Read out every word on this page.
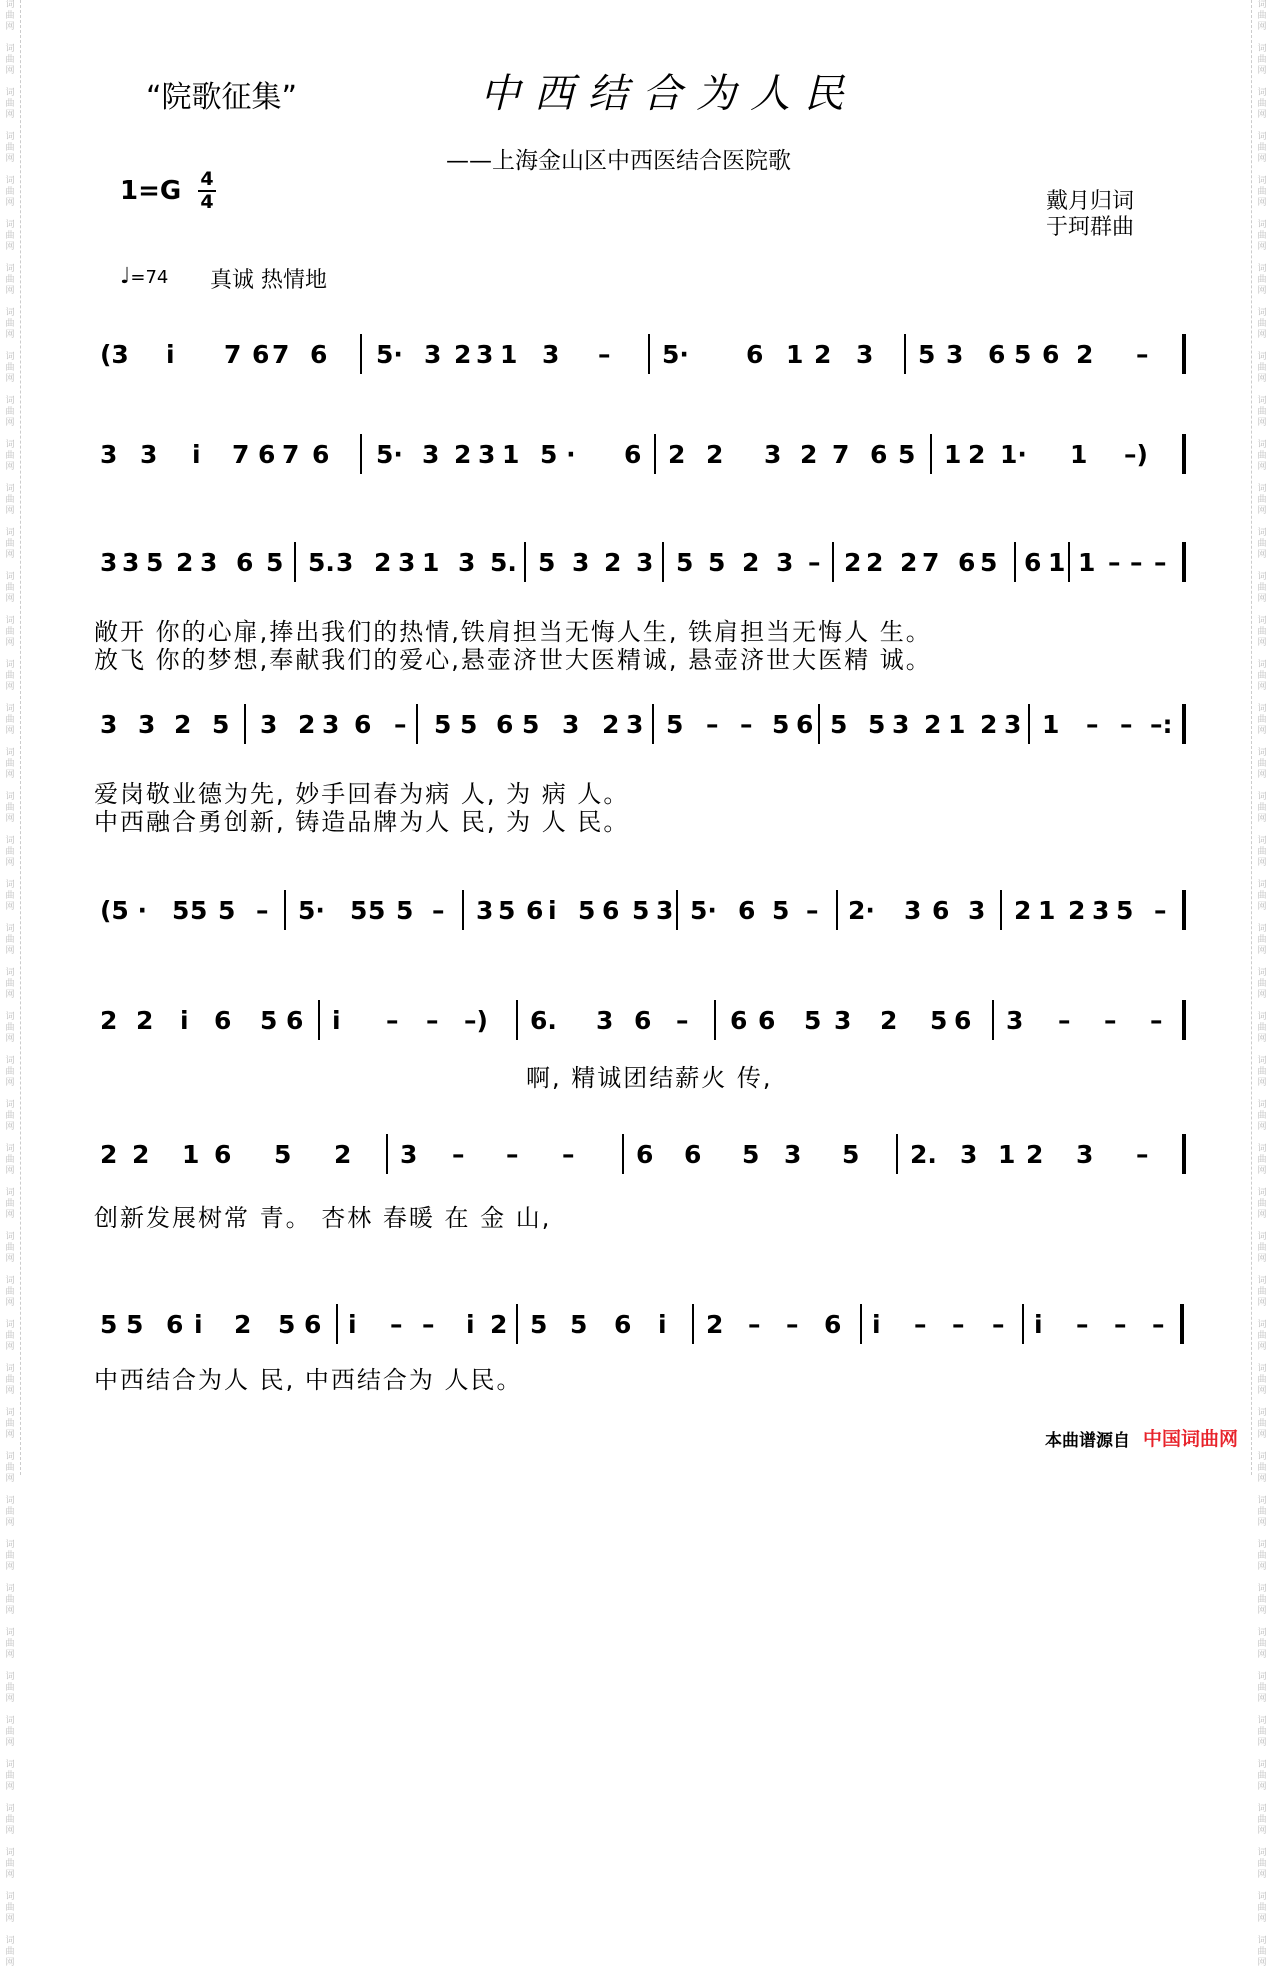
词
曲
网

词
曲
网

词
曲
网

词
曲
网

词
曲
网

词
曲
网

词
曲
网

词
曲
网

词
曲
网

词
曲
网

词
曲
网

词
曲
网

词
曲
网

词
曲
网

词
曲
网

词
曲
网

词
曲
网

词
曲
网

词
曲
网

词
曲
网

词
曲
网

词
曲
网

词
曲
网

词
曲
网

词
曲
网

词
曲
网

词
曲
网

词
曲
网

词
曲
网

词
曲
网

词
曲
网

词
曲
网

词
曲
网

词
曲
网

词
曲
网

词
曲
网

词
曲
网

词
曲
网

词
曲
网

词
曲
网

词
曲
网

词
曲
网

词
曲
网

词
曲
网

词
曲
网

词
曲
网

词
曲
网

词
曲
网

词
曲
网

词
曲
网

词
曲
网

词
曲
网

词
曲
网

词
曲
网

词
曲
网

词
曲
网

词
曲
网

词
曲
网

词
曲
网

词
曲
网

词
曲
网

词
曲
网

词
曲
网

词
曲
网

词
曲
网

词
曲
网

词
曲
网

词
曲
网

词
曲
网

词
曲
网

词
曲
网

词
曲
网

词
曲
网

词
曲
网

词
曲
网

词
曲
网

词
曲
网

词
曲
网

词
曲
网

词
曲
网

词
曲
网

词
曲
网

词
曲
网

词
曲
网

词
曲
网

词
曲
网

词
曲
网

词
曲
网

词
曲
网

词
曲
网

“院歌征集”	中西结合为人民
——上海金山区中西医结合医院歌
1=G 4
4	戴月归词
于珂群曲
♩=74 真诚 热情地
(3 i 7 6 7 6 5· 3 2 3 1 3 – 5· 6 1 2 3 5 3 6 5 6 2 –
3 3 i 7 6 7 6 5· 3 2 3 1 5 · 6 2 2 3 2 7 6 5 1 2 1· 1 –)
3 3 5 2 3 6 5 5. 3 2 3 1 3 5. 5 3 2 3 5 5 2 3 – 2 2 2 7 6 5 6 1 1 – – –
3 3 2 5 3 2 3 6 – 5 5 6 5 3 2 3 5 – – 5 6 5 5 3 2 1 2 3 1 – – –:
(5 · 5 5 5 – 5· 5 5 5 – 3 5 6 i 5 6 5 3 5· 6 5 – 2· 3 6 3 2 1 2 3 5 –
2 2 i 6 5 6 i – – –) 6. 3 6 – 6 6 5 3 2 5 6 3 – – –
2 2 1 6 5 2 3 – – – 6 6 5 3 5 2. 3 1 2 3 –
5 5 6 i 2 5 6 i – – i 2 5 5 6 i 2 – – 6 i – – – i – – –
本曲谱源自 中国词曲网
敞开 你的心扉,捧出我们的热情,铁肩担当无悔人生, 铁肩担当无悔人 生。
放飞 你的梦想,奉献我们的爱心,悬壶济世大医精诚, 悬壶济世大医精 诚。
爱岗敬业德为先, 妙手回春为病 人, 为 病 人。
中西融合勇创新, 铸造品牌为人 民, 为 人 民。
啊, 精诚团结薪火 传,
创新发展树常 青。 杏林 春暖 在 金 山,
中西结合为人 民, 中西结合为 人民。
